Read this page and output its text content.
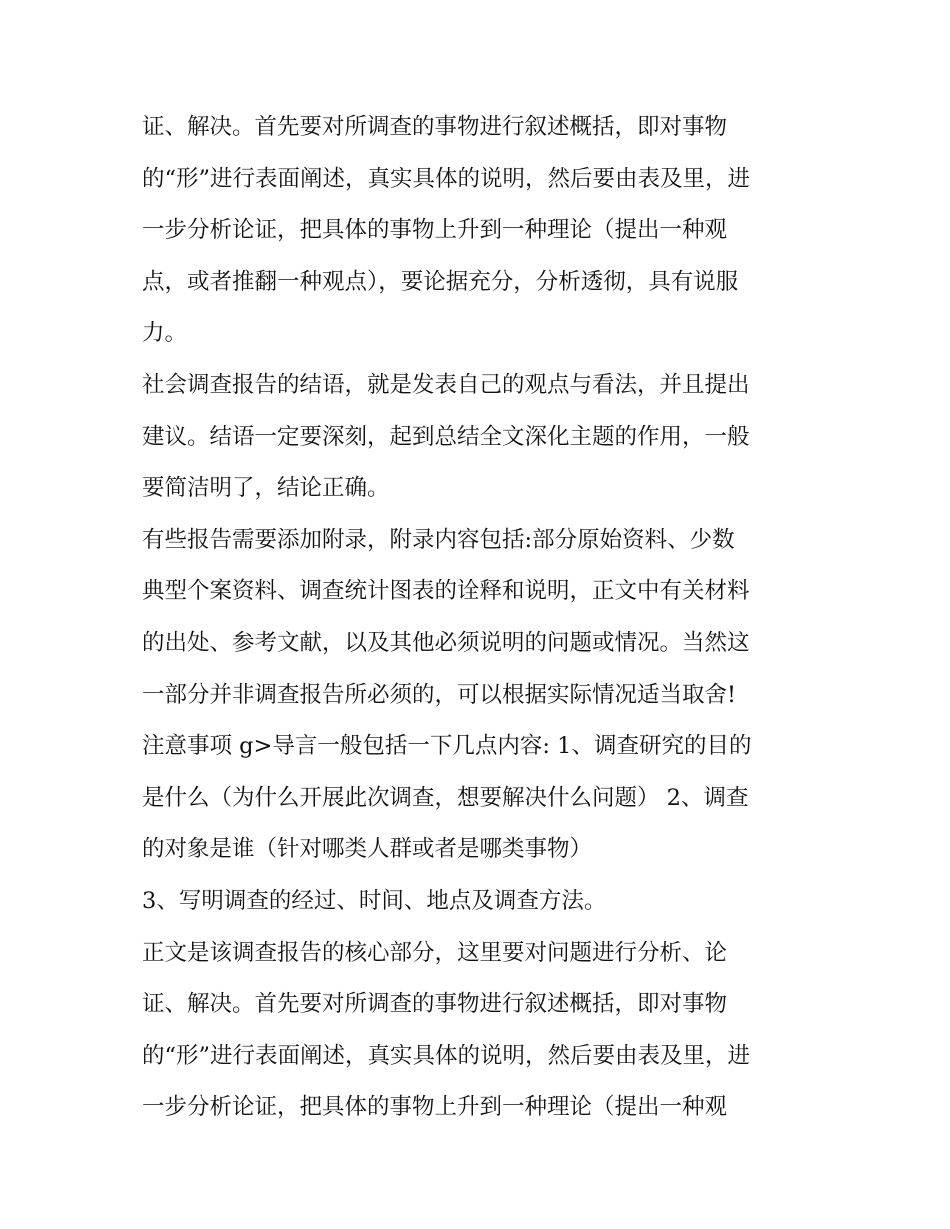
证、解决。首先要对所调查的事物进行叙述概括，即对事物
的“形”进行表面阐述，真实具体的说明，然后要由表及里，进
一步分析论证，把具体的事物上升到一种理论（提出一种观
点，或者推翻一种观点），要论据充分，分析透彻，具有说服
力。
社会调查报告的结语，就是发表自己的观点与看法，并且提出
建议。结语一定要深刻，起到总结全文深化主题的作用，一般
要简洁明了，结论正确。
有些报告需要添加附录，附录内容包括:部分原始资料、少数
典型个案资料、调查统计图表的诠释和说明，正文中有关材料
的出处、参考文献，以及其他必须说明的问题或情况。当然这
一部分并非调查报告所必须的，可以根据实际情况适当取舍!
注意事项 g>导言一般包括一下几点内容: 1、调查研究的目的
是什么（为什么开展此次调查，想要解决什么问题） 2、调查
的对象是谁（针对哪类人群或者是哪类事物）
3、写明调查的经过、时间、地点及调查方法。
正文是该调查报告的核心部分，这里要对问题进行分析、论
证、解决。首先要对所调查的事物进行叙述概括，即对事物
的“形”进行表面阐述，真实具体的说明，然后要由表及里，进
一步分析论证，把具体的事物上升到一种理论（提出一种观
